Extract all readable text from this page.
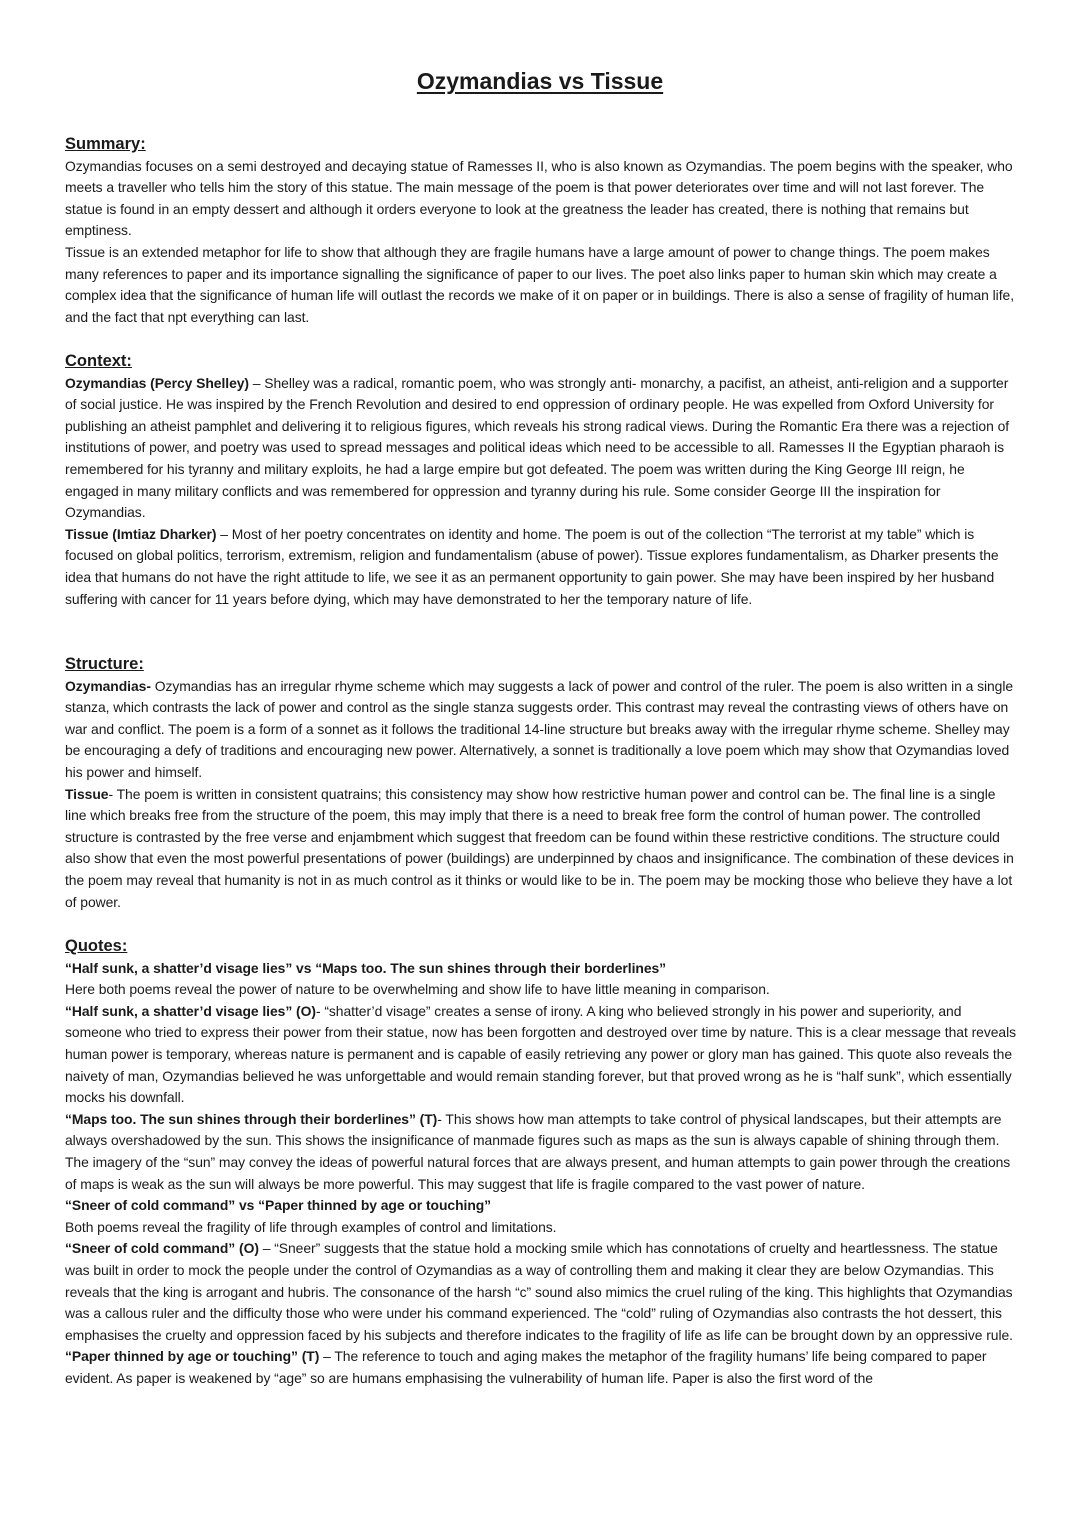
Ozymandias vs Tissue
Summary:

Ozymandias focuses on a semi destroyed and decaying statue of Ramesses II, who is also known as Ozymandias. The poem begins with the speaker, who meets a traveller who tells him the story of this statue. The main message of the poem is that power deteriorates over time and will not last forever. The statue is found in an empty dessert and although it orders everyone to look at the greatness the leader has created, there is nothing that remains but emptiness.

Tissue is an extended metaphor for life to show that although they are fragile humans have a large amount of power to change things. The poem makes many references to paper and its importance signalling the significance of paper to our lives. The poet also links paper to human skin which may create a complex idea that the significance of human life will outlast the records we make of it on paper or in buildings. There is also a sense of fragility of human life, and the fact that npt everything can last.

Context:

Ozymandias (Percy Shelley) – Shelley was a radical, romantic poem, who was strongly anti- monarchy, a pacifist, an atheist, anti-religion and a supporter of social justice. He was inspired by the French Revolution and desired to end oppression of ordinary people. He was expelled from Oxford University for publishing an atheist pamphlet and delivering it to religious figures, which reveals his strong radical views. During the Romantic Era there was a rejection of institutions of power, and poetry was used to spread messages and political ideas which need to be accessible to all. Ramesses II the Egyptian pharaoh is remembered for his tyranny and military exploits, he had a large empire but got defeated. The poem was written during the King George III reign, he engaged in many military conflicts and was remembered for oppression and tyranny during his rule. Some consider George III the inspiration for Ozymandias.

Tissue (Imtiaz Dharker) – Most of her poetry concentrates on identity and home. The poem is out of the collection “The terrorist at my table” which is focused on global politics, terrorism, extremism, religion and fundamentalism (abuse of power). Tissue explores fundamentalism, as Dharker presents the idea that humans do not have the right attitude to life, we see it as an permanent opportunity to gain power. She may have been inspired by her husband suffering with cancer for 11 years before dying, which may have demonstrated to her the temporary nature of life.

Structure:

Ozymandias- Ozymandias has an irregular rhyme scheme which may suggests a lack of power and control of the ruler. The poem is also written in a single stanza, which contrasts the lack of power and control as the single stanza suggests order. This contrast may reveal the contrasting views of others have on war and conflict. The poem is a form of a sonnet as it follows the traditional 14-line structure but breaks away with the irregular rhyme scheme. Shelley may be encouraging a defy of traditions and encouraging new power. Alternatively, a sonnet is traditionally a love poem which may show that Ozymandias loved his power and himself.

Tissue- The poem is written in consistent quatrains; this consistency may show how restrictive human power and control can be. The final line is a single line which breaks free from the structure of the poem, this may imply that there is a need to break free form the control of human power. The controlled structure is contrasted by the free verse and enjambment which suggest that freedom can be found within these restrictive conditions. The structure could also show that even the most powerful presentations of power (buildings) are underpinned by chaos and insignificance. The combination of these devices in the poem may reveal that humanity is not in as much control as it thinks or would like to be in. The poem may be mocking those who believe they have a lot of power.

Quotes:

“Half sunk, a shatter’d visage lies” vs “Maps too. The sun shines through their borderlines”

Here both poems reveal the power of nature to be overwhelming and show life to have little meaning in comparison.

“Half sunk, a shatter’d visage lies” (O)- “shatter’d visage” creates a sense of irony. A king who believed strongly in his power and superiority, and someone who tried to express their power from their statue, now has been forgotten and destroyed over time by nature. This is a clear message that reveals human power is temporary, whereas nature is permanent and is capable of easily retrieving any power or glory man has gained. This quote also reveals the naivety of man, Ozymandias believed he was unforgettable and would remain standing forever, but that proved wrong as he is “half sunk”, which essentially mocks his downfall.

“Maps too. The sun shines through their borderlines” (T)- This shows how man attempts to take control of physical landscapes, but their attempts are always overshadowed by the sun. This shows the insignificance of manmade figures such as maps as the sun is always capable of shining through them. The imagery of the “sun” may convey the ideas of powerful natural forces that are always present, and human attempts to gain power through the creations of maps is weak as the sun will always be more powerful. This may suggest that life is fragile compared to the vast power of nature.

“Sneer of cold command” vs “Paper thinned by age or touching”

Both poems reveal the fragility of life through examples of control and limitations.

“Sneer of cold command” (O) – “Sneer” suggests that the statue hold a mocking smile which has connotations of cruelty and heartlessness. The statue was built in order to mock the people under the control of Ozymandias as a way of controlling them and making it clear they are below Ozymandias. This reveals that the king is arrogant and hubris. The consonance of the harsh “c” sound also mimics the cruel ruling of the king. This highlights that Ozymandias was a callous ruler and the difficulty those who were under his command experienced. The “cold” ruling of Ozymandias also contrasts the hot dessert, this emphasises the cruelty and oppression faced by his subjects and therefore indicates to the fragility of life as life can be brought down by an oppressive rule.

“Paper thinned by age or touching” (T) – The reference to touch and aging makes the metaphor of the fragility humans’ life being compared to paper evident. As paper is weakened by “age” so are humans emphasising the vulnerability of human life. Paper is also the first word of the
